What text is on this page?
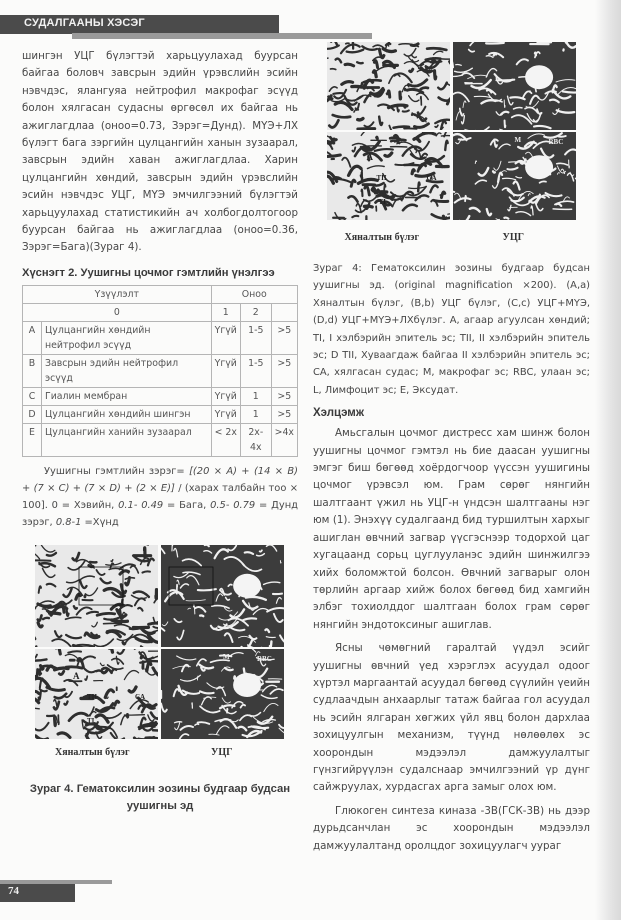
СУДАЛГААНЫ ХЭСЭГ

шингэн УЦГ бүлэгтэй харьцуулахад буурсан байгаа боловч завсрын эдийн үрэвслийн эсийн нэвчдэс, ялангуяа нейтрофил макрофаг эсүүд болон хялгасан судасны өргөсөл их байгаа нь ажиглагдлаа (оноо=0.73, Зэрэг=Дунд). МҮЭ+ЛХ бүлэгт бага зэргийн цулцангийн ханын зузаарал, завсрын эдийн хаван ажиглагдлаа. Харин цулцангийн хөндий, завсрын эдийн үрэвслийн эсийн нэвчдэс УЦГ, МҮЭ эмчилгээний бүлэгтэй харьцуулахад статистикийн ач холбогдолтогоор буурсан байгаа нь ажиглагдлаа (оноо=0.36, Зэрэг=Бага)(Зураг 4).

Хүснэгт 2. Уушигны цочмог гэмтлийн үнэлгээ
Үзүүлэлт		Оноо		
0		1	2	
A	Цулцангийн хөндийн нейтрофил эсүүд	Үгүй	1-5	>5
B	Завсрын эдийн нейтрофил эсүүд	Үгүй	1-5	>5
C	Гиалин мембран	Үгүй	1	>5
D	Цулцангийн хөндийн шингэн	Үгүй	1	>5
E	Цулцангийн ханийн зузаарал	< 2x	2x-4x	>4x
Уушигны гэмтлийн зэрэг= [(20 × A) + (14 × B) + (7 × C) + (7 × D) + (2 × E)] / (харах талбайн тоо × 100]. 0 = Хэвийн, 0.1- 0.49 = Бага, 0.5- 0.79 = Дунд зэрэг, 0.8-1 =Хүнд
A
TII
TI
CA
M	RBC
Хяналтын бүлэг	УЦГ
Зураг 4. Гематоксилин эозины будгаар будсан уушигны эд
A
TII
TI
CA
M	RBC
Хяналтын бүлэг	УЦГ
Зураг 4: Гематоксилин эозины будгаар будсан уушигны эд. (original magnification ×200). (A,a) Хяналтын бүлэг, (B,b) УЦГ бүлэг, (C,c) УЦГ+МҮЭ, (D,d) УЦГ+МҮЭ+ЛХбүлэг. A, агаар агуулсан хөндий; TI, I хэлбэрийн эпитель эс; TII, II хэлбэрийн эпитель эс; D TII, Хуваагдаж байгаа II хэлбэрийн эпитель эс; CA, хялгасан судас; M, макрофаг эс; RBC, улаан эс; L, Лимфоцит эс; E, Эксудат.
Хэлцэмж

Амьсгалын цочмог дистресс хам шинж болон уушигны цочмог гэмтэл нь бие даасан уушигны эмгэг биш бөгөөд хоёрдогчоор үүссэн уушигины цочмог үрэвсэл юм. Грам сөрөг нянгийн шалтгаант үжил нь УЦГ-н үндсэн шалтгааны нэг юм (1). Энэхүү судалгаанд бид туршилтын хархыг ашиглан өвчний загвар үүсгэснээр тодорхой цаг хугацаанд сорьц цуглууланэс эдийн шинжилгээ хийх боломжтой болсон. Өвчний загварыг олон төрлийн аргаар хийж болох бөгөөд бид хамгийн элбэг тохиолддог шалтгаан болох грам сөрөг нянгийн эндотоксиныг ашиглав.

Ясны чөмөгний гаралтай үүдэл эсийг уушигны өвчний үед хэрэглэх асуудал одоог хүртэл маргаантай асуудал бөгөөд сүүлийн үеийн судлаачдын анхаарлыг татаж байгаа гол асуудал нь эсийн ялгаран хөгжих үйл явц болон дархлаа зохицуулгын механизм, түүнд нөлөөлөх эс хоорондын мэдээлэл дамжуулалтыг гүнзгийрүүлэн судалснаар эмчилгээний үр дүнг сайжруулах, хурдасгах арга замыг олох юм.

Глюкоген синтеза киназа -3В(ГСК-3В) нь дээр дурьдсанчлан эс хоорондын мэдээлэл дамжуулалтанд оролцдог зохицуулагч уураг

74
